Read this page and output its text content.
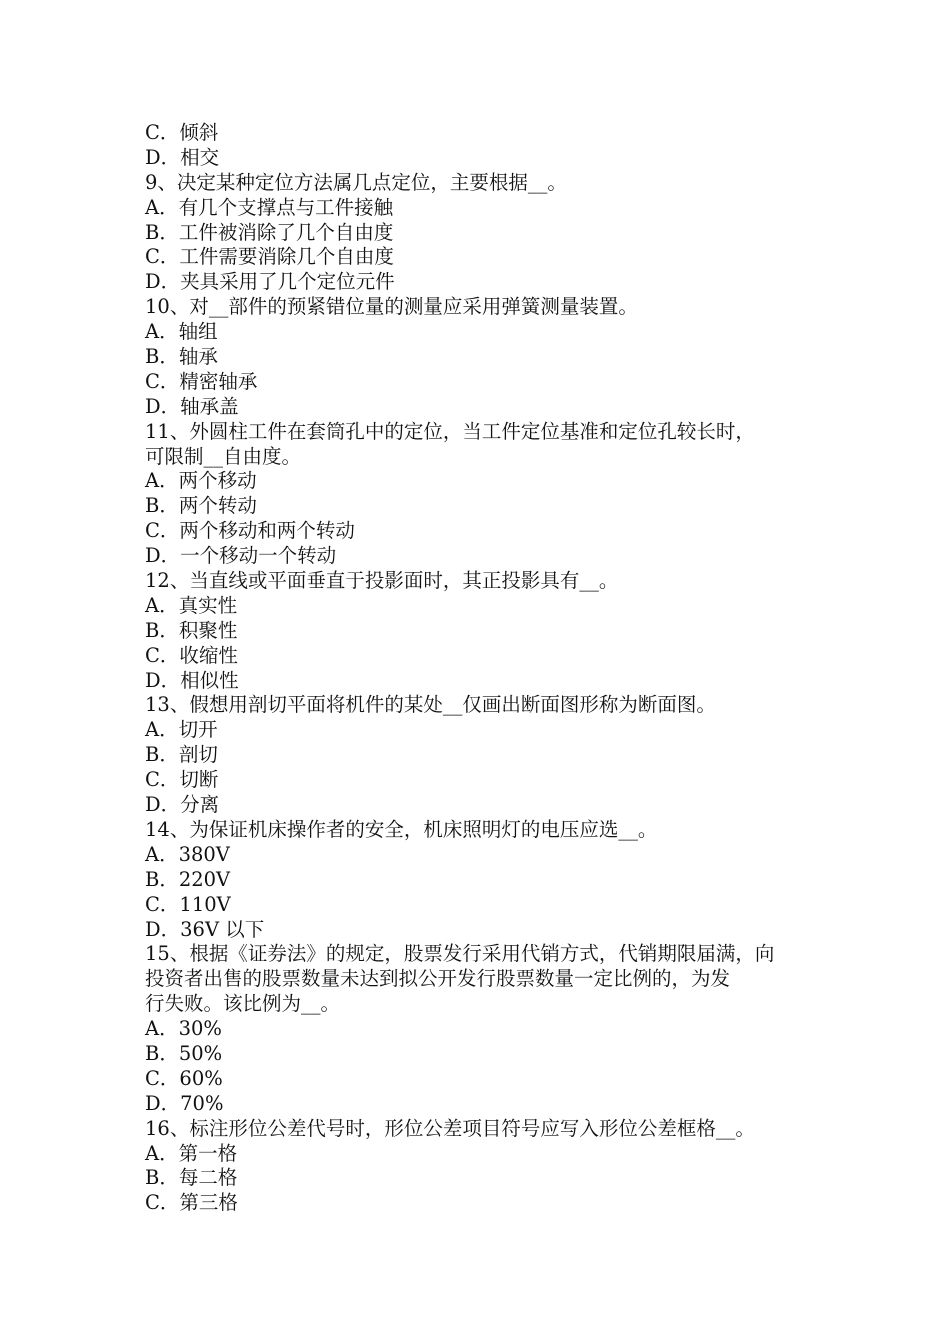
C．倾斜
D．相交
9、决定某种定位方法属几点定位，主要根据__。
A．有几个支撑点与工件接触
B．工件被消除了几个自由度
C．工件需要消除几个自由度
D．夹具采用了几个定位元件
10、对__部件的预紧错位量的测量应采用弹簧测量装置。
A．轴组
B．轴承
C．精密轴承
D．轴承盖
11、外圆柱工件在套筒孔中的定位，当工件定位基准和定位孔较长时，
可限制__自由度。
A．两个移动
B．两个转动
C．两个移动和两个转动
D．一个移动一个转动
12、当直线或平面垂直于投影面时，其正投影具有__。
A．真实性
B．积聚性
C．收缩性
D．相似性
13、假想用剖切平面将机件的某处__仅画出断面图形称为断面图。
A．切开
B．剖切
C．切断
D．分离
14、为保证机床操作者的安全，机床照明灯的电压应选__。
A．380V
B．220V
C．110V
D．36V 以下
15、根据《证券法》的规定，股票发行采用代销方式，代销期限届满，向
投资者出售的股票数量未达到拟公开发行股票数量一定比例的，为发
行失败。该比例为__。
A．30%
B．50%
C．60%
D．70%
16、标注形位公差代号时，形位公差项目符号应写入形位公差框格__。
A．第一格
B．每二格
C．第三格
